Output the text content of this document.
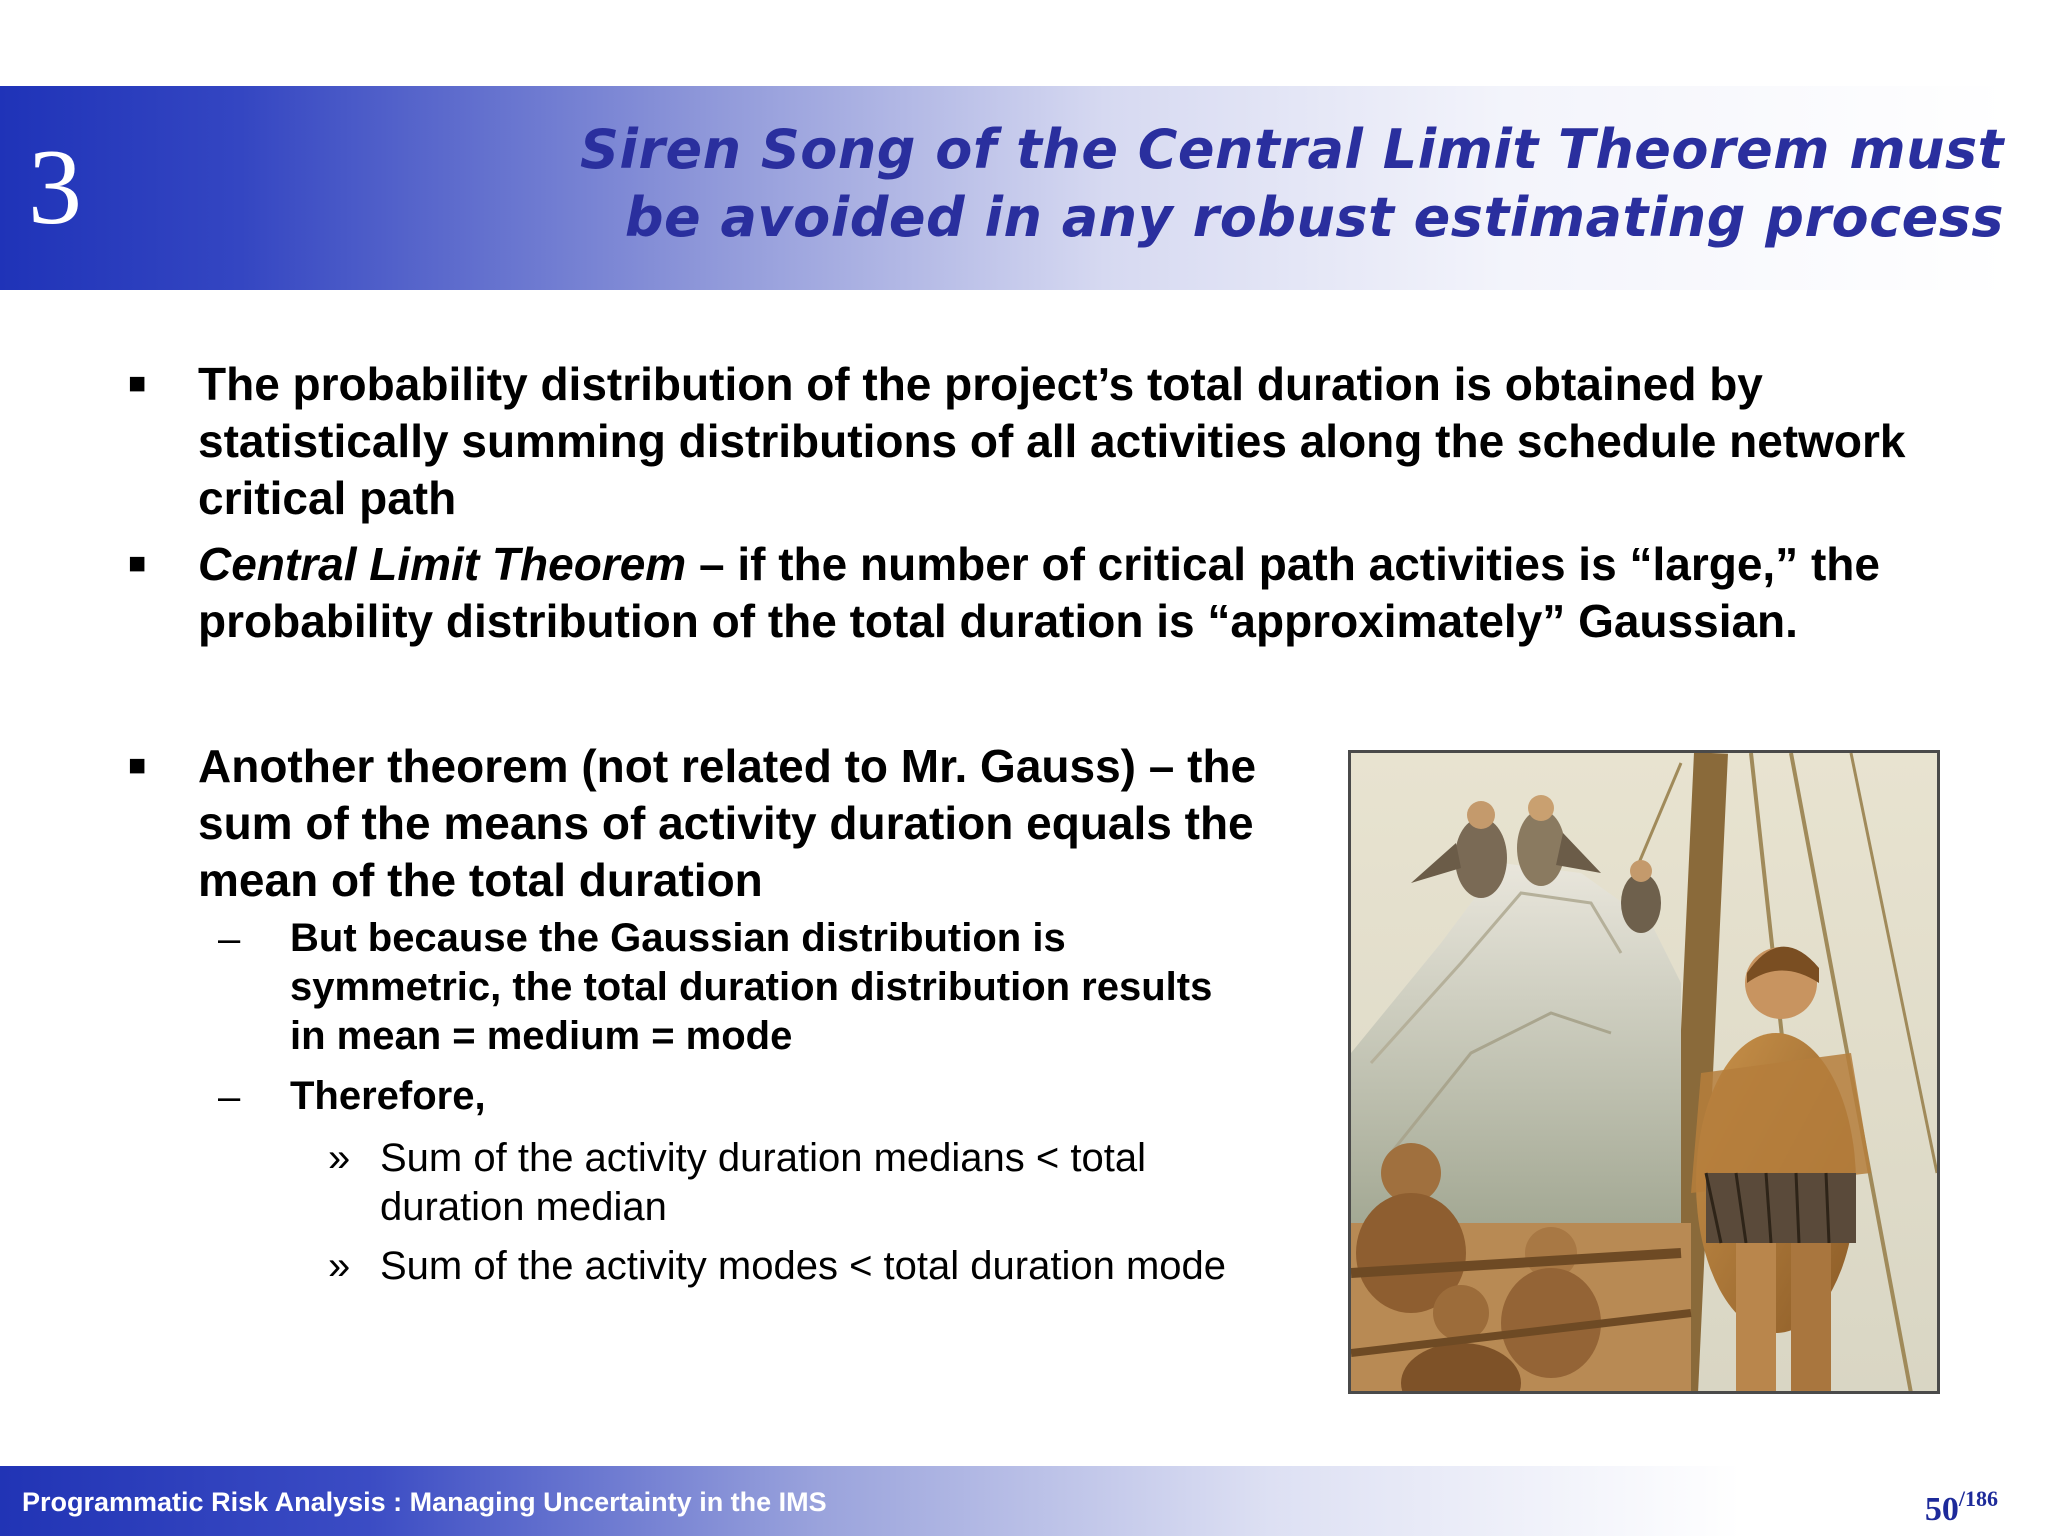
3	Siren Song of the Central Limit Theorem must
be avoided in any robust estimating process
■	The probability distribution of the project’s total duration is obtained by statistically summing distributions of all activities along the schedule network critical path
■	Central Limit Theorem – if the number of critical path activities is “large,” the probability distribution of the total duration is “approximately” Gaussian.
■	Another theorem (not related to Mr. Gauss) – the sum of the means of activity duration equals the mean of the total duration
–	But because the Gaussian distribution is symmetric, the total duration distribution results in mean = medium = mode
–	Therefore,
» Sum of the activity duration medians < total duration median
» Sum of the activity modes < total duration mode
Programmatic Risk Analysis : Managing Uncertainty in the IMS	50/186
